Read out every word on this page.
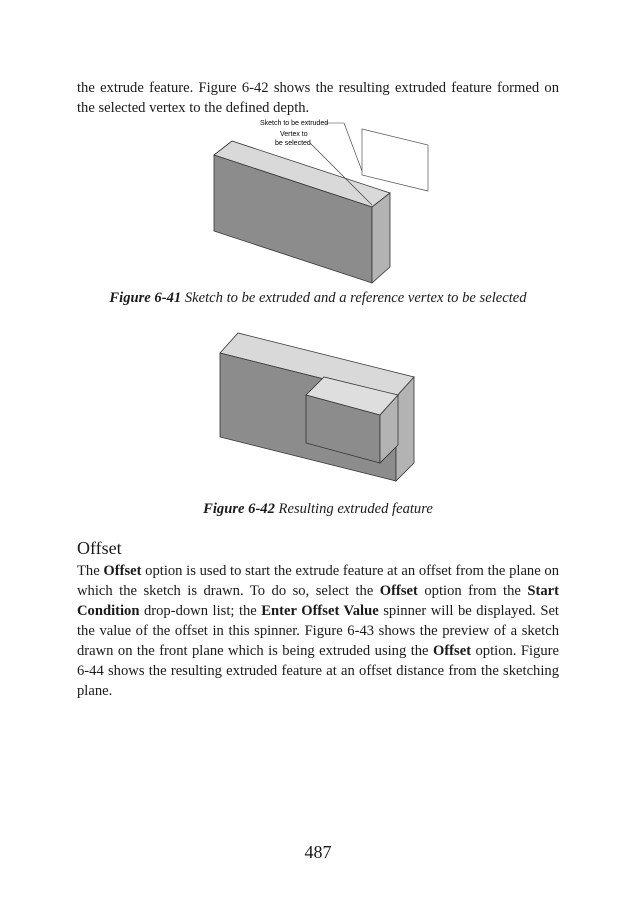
the extrude feature. Figure 6-42 shows the resulting extruded feature formed on the selected vertex to the defined depth.

Sketch to be extruded
Vertex to
be selected

Figure 6-41 Sketch to be extruded and a reference vertex to be selected

Figure 6-42 Resulting extruded feature

Offset

The Offset option is used to start the extrude feature at an offset from the plane on which the sketch is drawn. To do so, select the Offset option from the Start Condition drop-down list; the Enter Offset Value spinner will be displayed. Set the value of the offset in this spinner. Figure 6-43 shows the preview of a sketch drawn on the front plane which is being extruded using the Offset option. Figure 6-44 shows the resulting extruded feature at an offset distance from the sketching plane.

487
